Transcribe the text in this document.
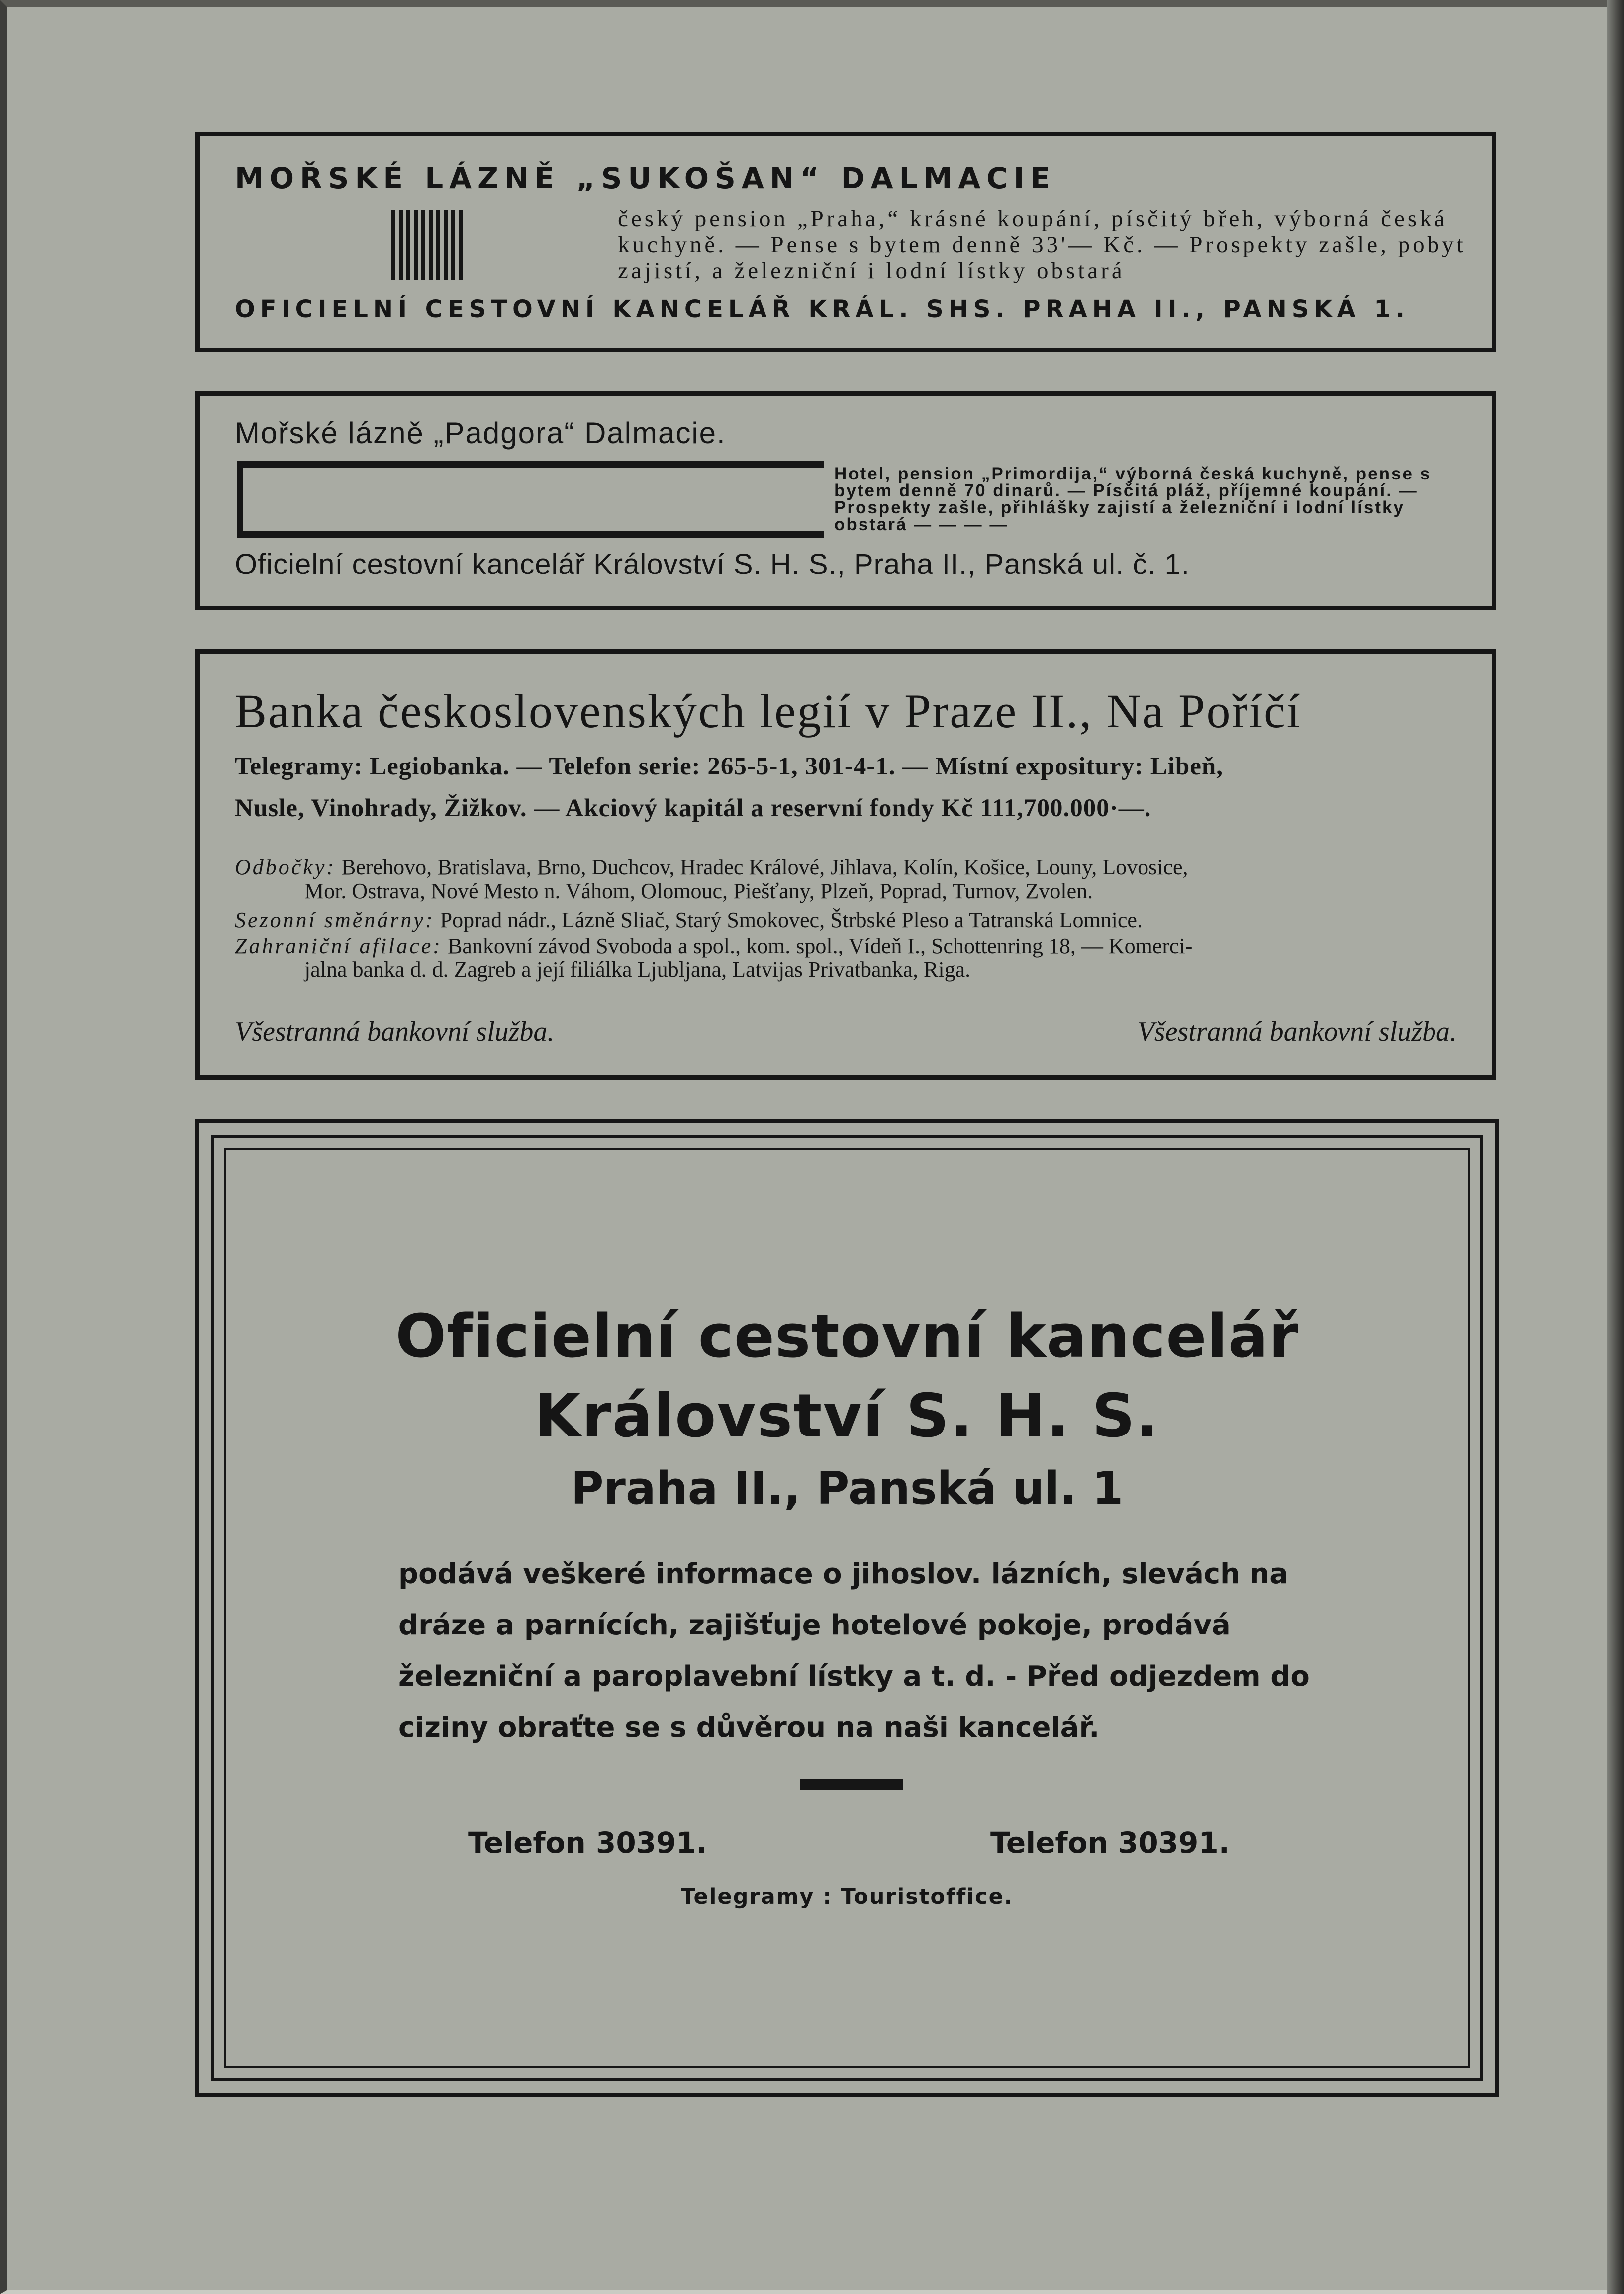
MOŘSKÉ LÁZNĚ „SUKOŠAN“ DALMACIE

český pension „Praha,“ krásné koupání, písčitý břeh, výborná česká kuchyně. — Pense s bytem denně 33'— Kč. — Prospekty zašle, pobyt zajistí, a železniční i lodní lístky obstará

OFICIELNÍ CESTOVNÍ KANCELÁŘ KRÁL. SHS. PRAHA II., PANSKÁ 1.
Mořské lázně „Padgora“ Dalmacie.

Hotel, pension „Primordija,“ výborná česká kuchyně, pense s bytem denně 70 dinarů. — Písčitá pláž, příjemné koupání. — Prospekty zašle, přihlášky zajistí a železniční i lodní lístky obstará — — — —

Oficielní cestovní kancelář Království S. H. S., Praha II., Panská ul. č. 1.
Banka československých legií v Praze II., Na Poříčí
Telegramy: Legiobanka. — Telefon serie: 265-5-1, 301-4-1. — Místní expositury: Libeň,
Nusle, Vinohrady, Žižkov. — Akciový kapitál a reservní fondy Kč 111,700.000·—.
Odbočky: Berehovo, Bratislava, Brno, Duchcov, Hradec Králové, Jihlava, Kolín, Košice, Louny, Lovosice,
Mor. Ostrava, Nové Mesto n. Váhom, Olomouc, Piešťany, Plzeň, Poprad, Turnov, Zvolen.
Sezonní směnárny: Poprad nádr., Lázně Sliač, Starý Smokovec, Štrbské Pleso a Tatranská Lomnice.
Zahraniční afilace: Bankovní závod Svoboda a spol., kom. spol., Vídeň I., Schottenring 18, — Komerci-
jalna banka d. d. Zagreb a její filiálka Ljubljana, Latvijas Privatbanka, Riga.
Všestranná bankovní služba.	Všestranná bankovní služba.
Oficielní cestovní kancelář
Království S. H. S.
Praha II., Panská ul. 1

podává veškeré informace o jihoslov. lázních, slevách na dráze a parnících, zajišťuje hotelové pokoje, prodává železniční a paroplavební lístky a t. d. - Před odjezdem do ciziny obraťte se s důvěrou na naši kancelář.

Telefon 30391.	Telefon 30391.
Telegramy : Touristoffice.
